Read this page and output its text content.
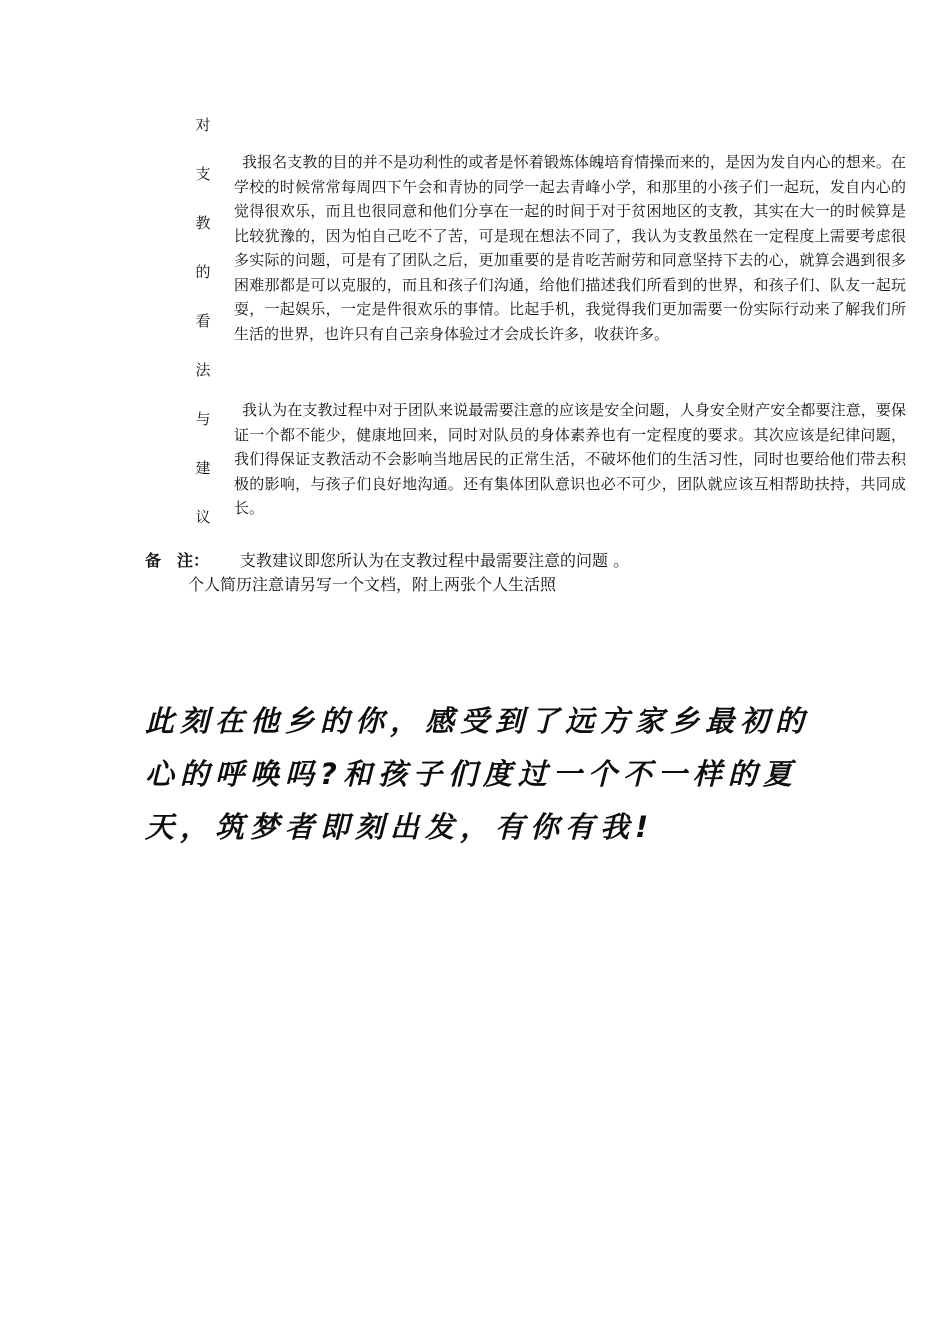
对
支
教
的
看
法
与
建
议

我报名支教的目的并不是功利性的或者是怀着锻炼体魄培育情操而来的，是因为发自内心的想来。在学校的时候常常每周四下午会和青协的同学一起去青峰小学，和那里的小孩子们一起玩，发自内心的觉得很欢乐，而且也很同意和他们分享在一起的时间于对于贫困地区的支教，其实在大一的时候算是比较犹豫的，因为怕自己吃不了苦，可是现在想法不同了，我认为支教虽然在一定程度上需要考虑很多实际的问题，可是有了团队之后，更加重要的是肯吃苦耐劳和同意坚持下去的心，就算会遇到很多困难那都是可以克服的，而且和孩子们沟通，给他们描述我们所看到的世界，和孩子们、队友一起玩耍，一起娱乐，一定是件很欢乐的事情。比起手机，我觉得我们更加需要一份实际行动来了解我们所生活的世界，也许只有自己亲身体验过才会成长许多，收获许多。

我认为在支教过程中对于团队来说最需要注意的应该是安全问题，人身安全财产安全都要注意，要保证一个都不能少，健康地回来，同时对队员的身体素养也有一定程度的要求。其次应该是纪律问题，我们得保证支教活动不会影响当地居民的正常生活，不破坏他们的生活习性，同时也要给他们带去积极的影响，与孩子们良好地沟通。还有集体团队意识也必不可少，团队就应该互相帮助扶持，共同成长。

备　注： 支教建议即您所认为在支教过程中最需要注意的问题 。
个人简历注意请另写一个文档，附上两张个人生活照

此刻在他乡的你，感受到了远方家乡最初的心的呼唤吗?和孩子们度过一个不一样的夏天，筑梦者即刻出发，有你有我!
